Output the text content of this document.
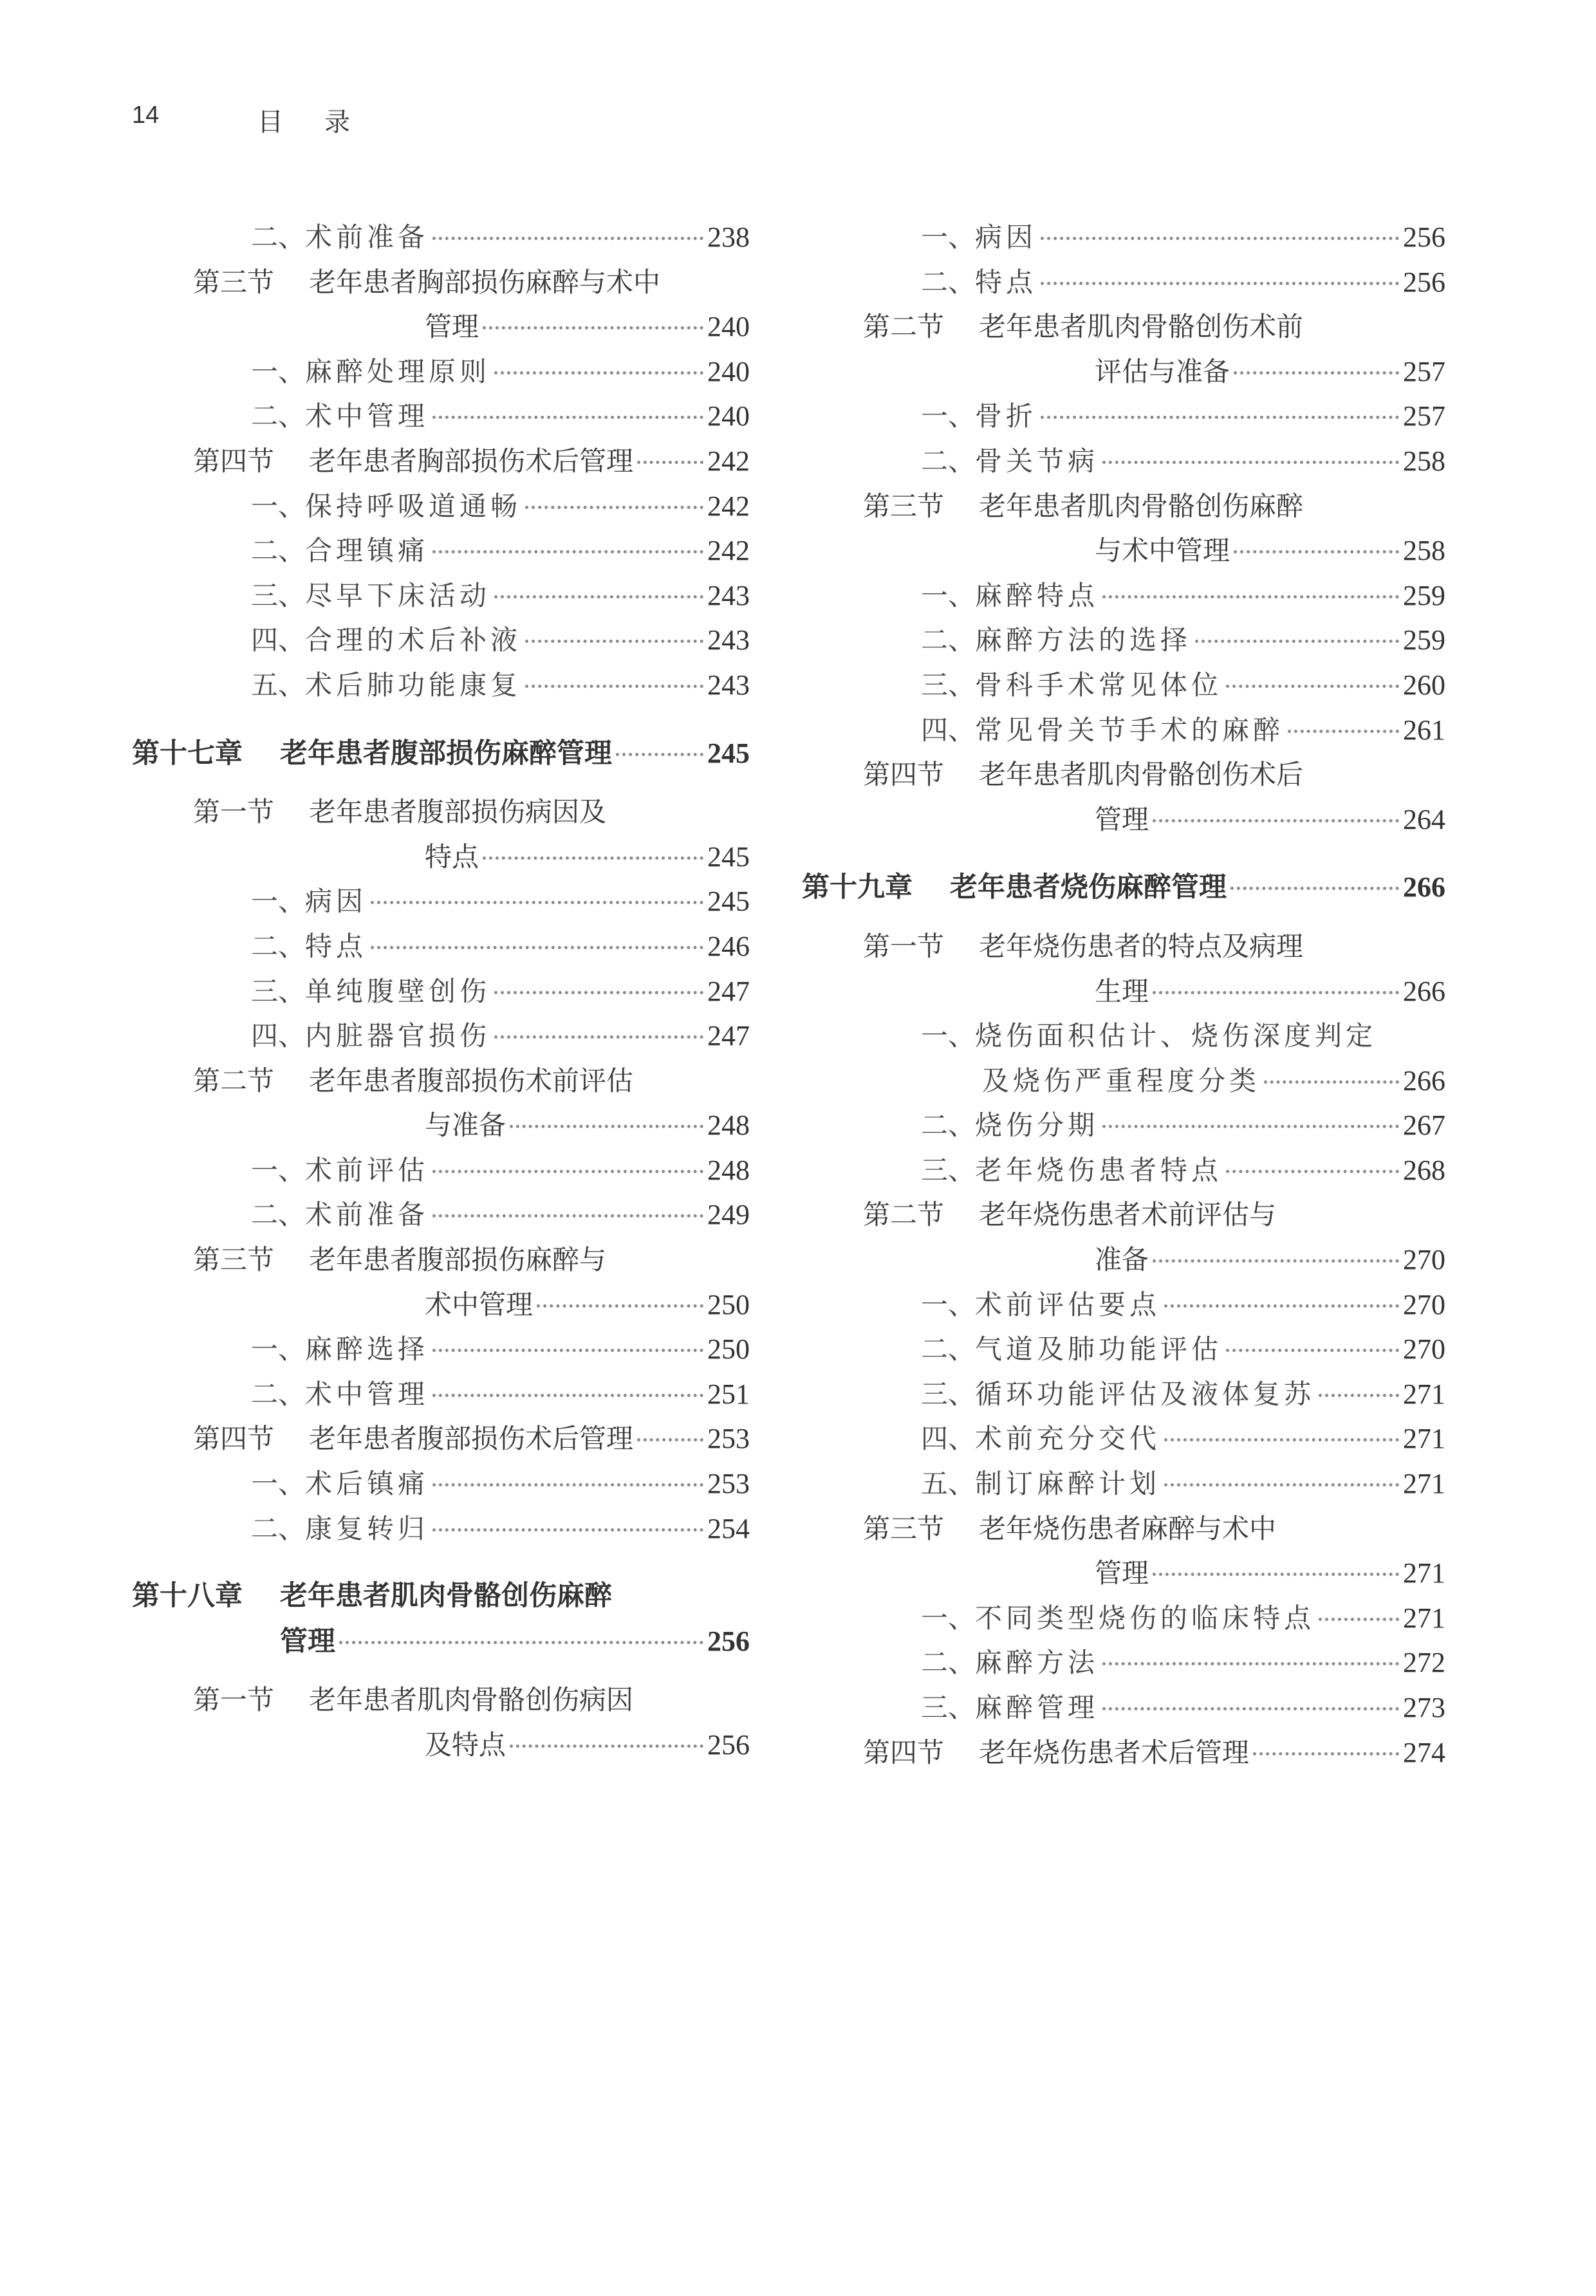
14	目录
二、 术前准备	238
第三节	老年患者胸部损伤麻醉与术中
管理	240
一、 麻醉处理原则	240
二、 术中管理	240
第四节	老年患者胸部损伤术后管理	242
一、 保持呼吸道通畅	242
二、 合理镇痛	242
三、 尽早下床活动	243
四、 合理的术后补液	243
五、 术后肺功能康复	243
第十七章	老年患者腹部损伤麻醉管理	245
第一节	老年患者腹部损伤病因及
特点	245
一、 病因	245
二、 特点	246
三、 单纯腹壁创伤	247
四、 内脏器官损伤	247
第二节	老年患者腹部损伤术前评估
与准备	248
一、 术前评估	248
二、 术前准备	249
第三节	老年患者腹部损伤麻醉与
术中管理	250
一、 麻醉选择	250
二、 术中管理	251
第四节	老年患者腹部损伤术后管理	253
一、 术后镇痛	253
二、 康复转归	254
第十八章	老年患者肌肉骨骼创伤麻醉
管理	256
第一节	老年患者肌肉骨骼创伤病因
及特点	256
一、 病因	256
二、 特点	256
第二节	老年患者肌肉骨骼创伤术前
评估与准备	257
一、 骨折	257
二、 骨关节病	258
第三节	老年患者肌肉骨骼创伤麻醉
与术中管理	258
一、 麻醉特点	259
二、 麻醉方法的选择	259
三、 骨科手术常见体位	260
四、 常见骨关节手术的麻醉	261
第四节	老年患者肌肉骨骼创伤术后
管理	264
第十九章	老年患者烧伤麻醉管理	266
第一节	老年烧伤患者的特点及病理
生理	266
一、 烧伤面积估计、烧伤深度判定
及烧伤严重程度分类	266
二、 烧伤分期	267
三、 老年烧伤患者特点	268
第二节	老年烧伤患者术前评估与
准备	270
一、 术前评估要点	270
二、 气道及肺功能评估	270
三、 循环功能评估及液体复苏	271
四、 术前充分交代	271
五、 制订麻醉计划	271
第三节	老年烧伤患者麻醉与术中
管理	271
一、 不同类型烧伤的临床特点	271
二、 麻醉方法	272
三、 麻醉管理	273
第四节	老年烧伤患者术后管理	274
